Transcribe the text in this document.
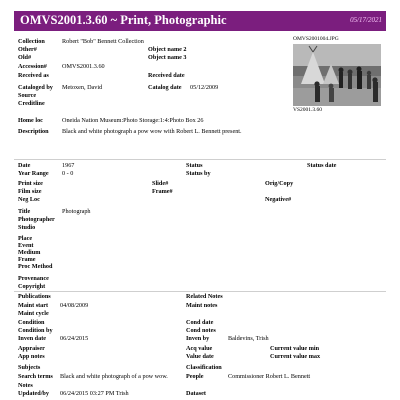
OMVS2001.3.60 ~ Print, Photographic	05/17/2021
OMVS2001004.JPG
VS2001.3.60
Collection	Robert "Bob" Bennett Collection
Other#	Object name 2
Old#	Object name 3
Accession# OMVS2001.3.60
Received as	Received date
Cataloged by Metoxen, David	Catalog date 05/12/2009
Source
Creditline
Home loc	Oneida Nation Museum:Photo Storage:1:4:Photo Box 26
Description Black and white photograph a pow wow with Robert L. Bennett present.
Date	1967	Status	Status date
Year Range 0 - 0	Status by
Print size	Slide#	Orig/Copy
Film size	Frame#
Neg Loc	Negative#
Title	Photograph
Photographer
Studio
Place
Event
Medium
Frame
Proc Method
Provenance
Copyright
Publications	Related Notes
Maint start 04/08/2009	Maint notes
Maint cycle
Condition	Cond date
Condition by	Cond notes
Inven date 06/24/2015	Inven by	Baldevins, Trish
Appraiser	Acq value	Current value min
App notes	Value date	Current value max
Subjects	Classification
Search terms Black and white photograph of a pow wow.	People	Commissioner Robert L. Bennett
Notes
Updated/by 06/24/2015 03:27 PM Trish	Dataset
